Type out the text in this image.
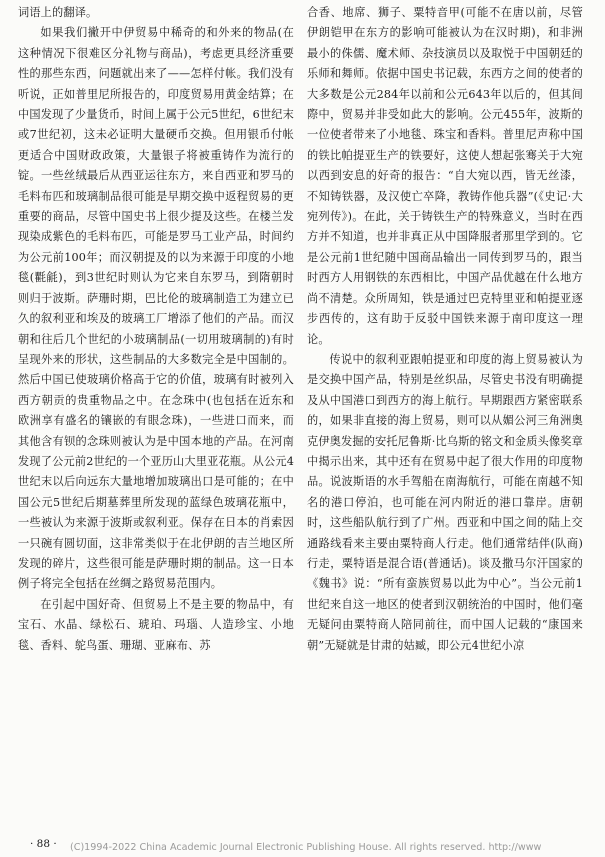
词语上的翻译。

如果我们撇开中伊贸易中稀奇的和外来的物品(在这种情况下很难区分礼物与商品)，考虑更具经济重要性的那些东西，问题就出来了——怎样付帐。我们没有听说，正如普里尼所报告的，印度贸易用黄金结算；在中国发现了少量货币，时间上属于公元5世纪，6世纪末或7世纪初，这未必证明大量硬币交换。但用银币付帐更适合中国财政政策，大量银子将被重铸作为流行的锭。一些丝绒最后从西亚运往东方，来自西亚和罗马的毛料布匹和玻璃制品很可能是早期交换中返程贸易的更重要的商品，尽管中国史书上很少提及这些。在楼兰发现染成紫色的毛料布匹，可能是罗马工业产品，时间约为公元前100年；而汉朝提及的以为来源于印度的小地毯(氍毹)，到3世纪时则认为它来自东罗马，到隋朝时则归于波斯。萨珊时期，巴比伦的玻璃制造工为建立已久的叙利亚和埃及的玻璃工厂增添了他们的产品。而汉朝和往后几个世纪的小玻璃制品(一切用玻璃制的)有时呈现外来的形状，这些制品的大多数完全是中国制的。然后中国已使玻璃价格高于它的价值，玻璃有时被列入西方朝贡的贵重物品之中。在念珠中(也包括在近东和欧洲享有盛名的镶嵌的有眼念珠)，一些进口而来，而其他含有钡的念珠则被认为是中国本地的产品。在河南发现了公元前2世纪的一个亚历山大里亚花瓶。从公元4世纪末以后向远东大量地增加玻璃出口是可能的；在中国公元5世纪后期墓葬里所发现的蓝绿色玻璃花瓶中，一些被认为来源于波斯或叙利亚。保存在日本的肖索因一只碗有圆切面，这非常类似于在北伊朗的吉兰地区所发现的碎片，这些很可能是萨珊时期的制品。这一日本例子将完全包括在丝绸之路贸易范围内。

在引起中国好奇、但贸易上不是主要的物品中，有宝石、水晶、绿松石、琥珀、玛瑙、人造珍宝、小地毯、香料、鸵鸟蛋、珊瑚、亚麻布、苏

合香、地席、狮子、粟特音甲(可能不在唐以前，尽管伊朗铠甲在东方的影响可能被认为在汉时期)，和非洲最小的侏儒、魔术师、杂技演员以及取悦于中国朝廷的乐师和舞师。依据中国史书记载，东西方之间的使者的大多数是公元284年以前和公元643年以后的，但其间際中，贸易并非受如此大的影响。公元455年，波斯的一位使者带来了小地毯、珠宝和香料。普里尼声称中国的铁比帕提亚生产的铁要好，这使人想起张骞关于大宛以西到安息的好奇的报告：“自大宛以西，皆无丝漆，不知铸铁器，及汉使亡卒降，教铸作他兵器”(《史记·大宛列传》)。在此，关于铸铁生产的特殊意义，当时在西方并不知道，也并非真正从中国降服者那里学到的。它是公元前1世纪随中国商品输出一同传到罗马的，跟当时西方人用钢铁的东西相比，中国产品优越在什么地方尚不清楚。众所周知，铁是通过巴克特里亚和帕提亚逐步西传的，这有助于反驳中国铁来源于南印度这一理论。

传说中的叙利亚跟帕提亚和印度的海上贸易被认为是交换中国产品，特别是丝织品，尽管史书没有明确提及从中国港口到西方的海上航行。早期跟西方紧密联系的，如果非直接的海上贸易，则可以从媚公河三角洲奥克伊奥发掘的安托尼鲁斯·比乌斯的铭文和金质头像奖章中揭示出来，其中还有在贸易中起了很大作用的印度物品。说波斯语的水手驾船在南海航行，可能在南越不知名的港口停泊，也可能在河内附近的港口靠岸。唐朝时，这些船队航行到了广州。西亚和中国之间的陆上交通路线看来主要由粟特商人行走。他们通常结伴(队商)行走，粟特语是混合语(普通话)。谈及撒马尔汗国家的《魏书》说：“所有蛮族贸易以此为中心”。当公元前1世纪来自这一地区的使者到汉朝统治的中国时，他们毫无疑问由粟特商人陪同前往，而中国人记载的“康国来朝”无疑就是甘肃的姑臧，即公元4世纪小凉

· 88 · (C)1994-2022 China Academic Journal Electronic Publishing House. All rights reserved. http://www
